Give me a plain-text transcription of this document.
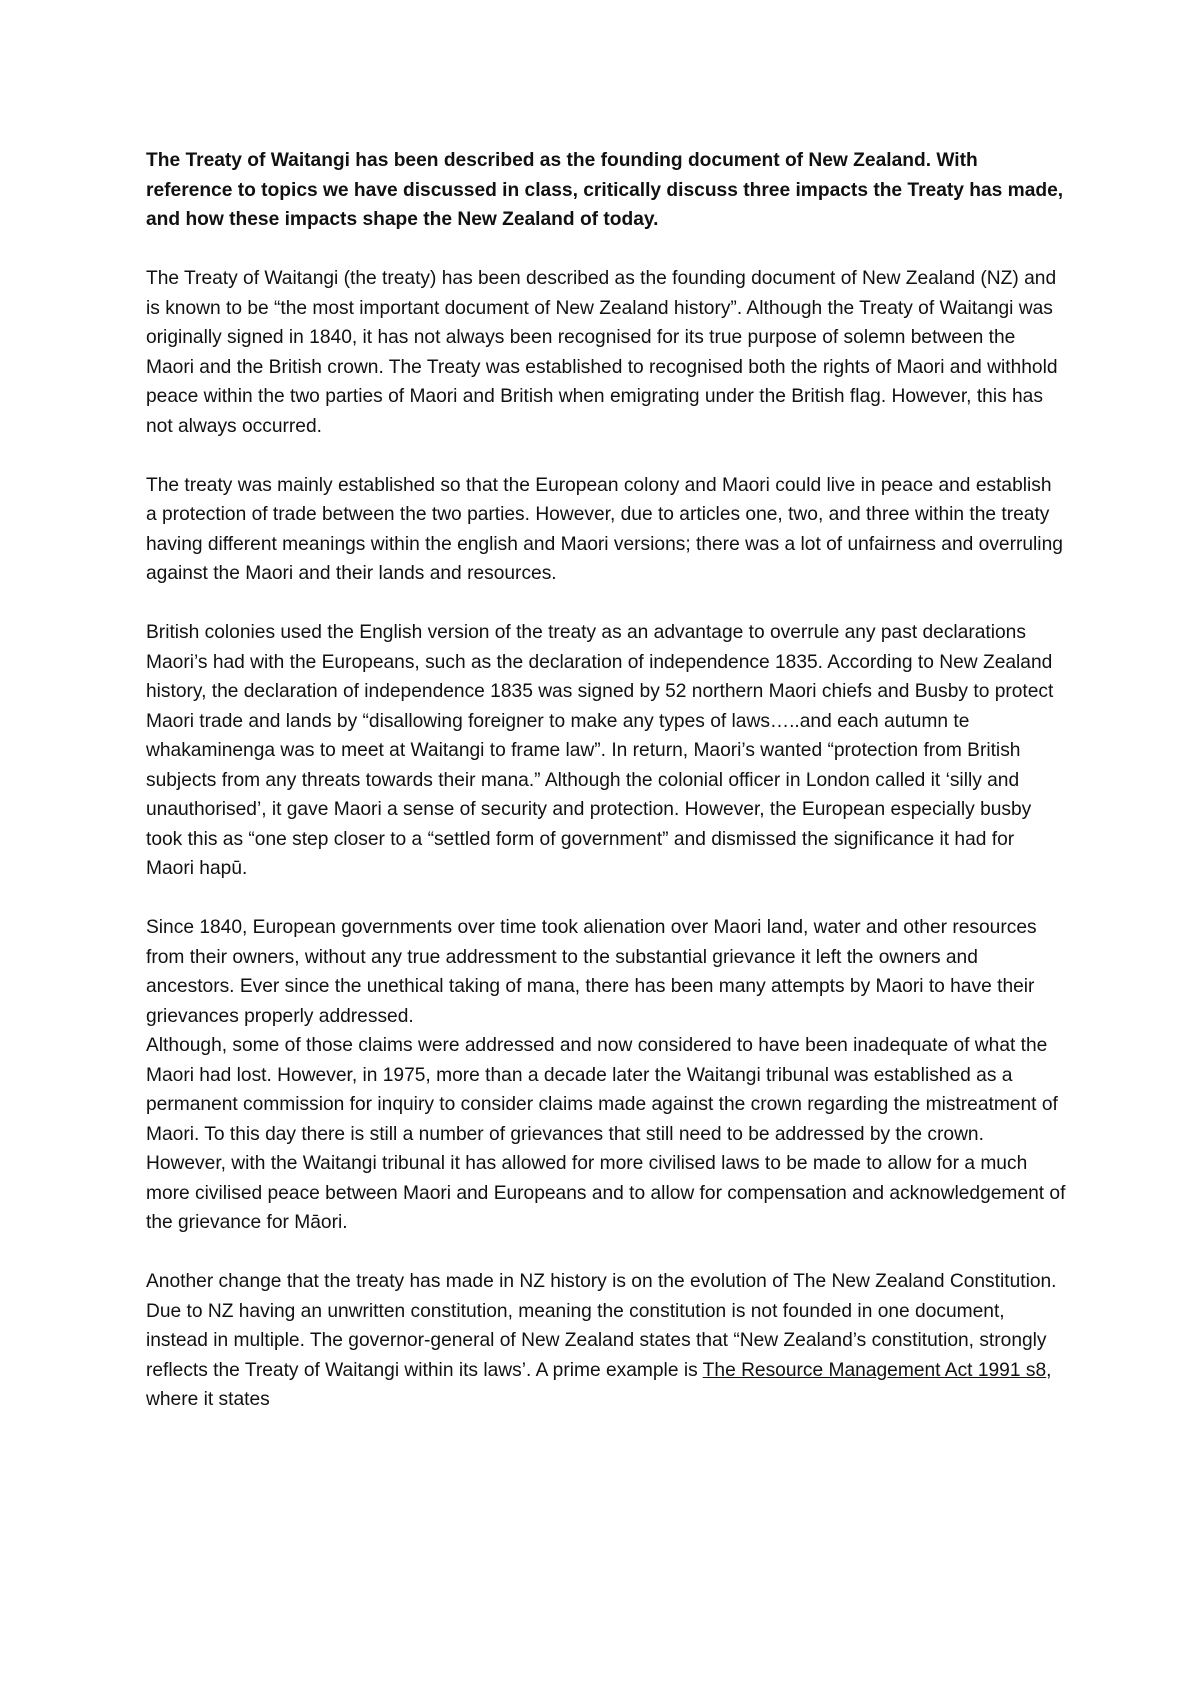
The Treaty of Waitangi has been described as the founding document of New Zealand. With reference to topics we have discussed in class, critically discuss three impacts the Treaty has made, and how these impacts shape the New Zealand of today.

The Treaty of Waitangi (the treaty) has been described as the founding document of New Zealand (NZ) and is known to be “the most important document of New Zealand history”. Although the Treaty of Waitangi was originally signed in 1840, it has not always been recognised for its true purpose of solemn between the Maori and the British crown. The Treaty was established to recognised both the rights of Maori and withhold peace within the two parties of Maori and British when emigrating under the British flag. However, this has not always occurred.

The treaty was mainly established so that the European colony and Maori could live in peace and establish a protection of trade between the two parties. However, due to articles one, two, and three within the treaty having different meanings within the english and Maori versions; there was a lot of unfairness and overruling against the Maori and their lands and resources.

British colonies used the English version of the treaty as an advantage to overrule any past declarations Maori’s had with the Europeans, such as the declaration of independence 1835. According to New Zealand history, the declaration of independence 1835 was signed by 52 northern Maori chiefs and Busby to protect Maori trade and lands by “disallowing foreigner to make any types of laws…..and each autumn te whakaminenga was to meet at Waitangi to frame law”. In return, Maori’s wanted “protection from British subjects from any threats towards their mana.” Although the colonial officer in London called it ‘silly and unauthorised’, it gave Maori a sense of security and protection. However, the European especially busby took this as “one step closer to a “settled form of government” and dismissed the significance it had for Maori hapū.

Since 1840, European governments over time took alienation over Maori land, water and other resources from their owners, without any true addressment to the substantial grievance it left the owners and ancestors. Ever since the unethical taking of mana, there has been many attempts by Maori to have their grievances properly addressed.

Although, some of those claims were addressed and now considered to have been inadequate of what the Maori had lost. However, in 1975, more than a decade later the Waitangi tribunal was established as a permanent commission for inquiry to consider claims made against the crown regarding the mistreatment of Maori. To this day there is still a number of grievances that still need to be addressed by the crown. However, with the Waitangi tribunal it has allowed for more civilised laws to be made to allow for a much more civilised peace between Maori and Europeans and to allow for compensation and acknowledgement of the grievance for Māori.

Another change that the treaty has made in NZ history is on the evolution of The New Zealand Constitution. Due to NZ having an unwritten constitution, meaning the constitution is not founded in one document, instead in multiple. The governor-general of New Zealand states that “New Zealand’s constitution, strongly reflects the Treaty of Waitangi within its laws’. A prime example is The Resource Management Act 1991 s8, where it states
